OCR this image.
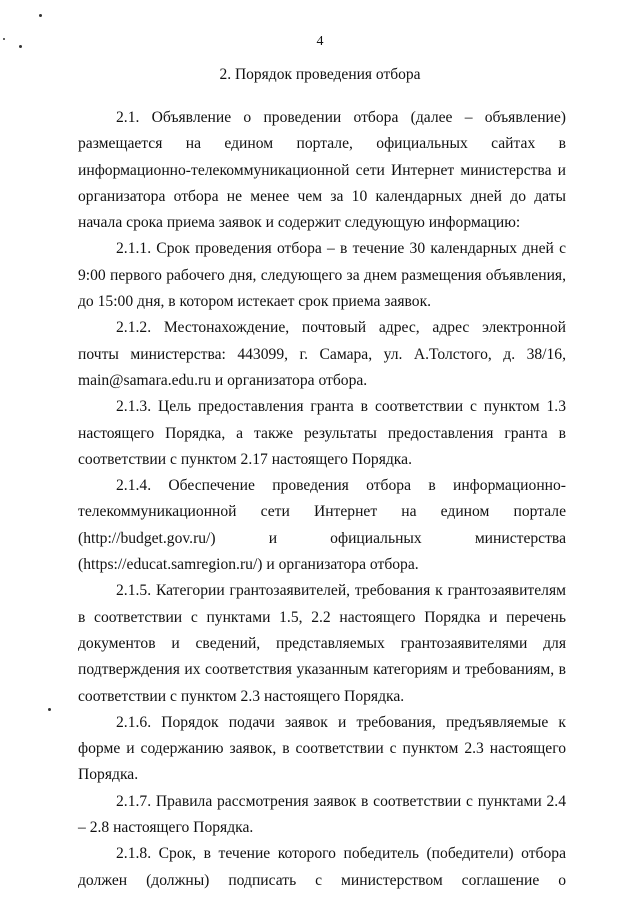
4
2. Порядок проведения отбора

2.1. Объявление о проведении отбора (далее – объявление) размещается на едином портале, официальных сайтах в информационно-телекоммуникационной сети Интернет министерства и организатора отбора не менее чем за 10 календарных дней до даты начала срока приема заявок и содержит следующую информацию:

2.1.1. Срок проведения отбора – в течение 30 календарных дней с 9:00 первого рабочего дня, следующего за днем размещения объявления, до 15:00 дня, в котором истекает срок приема заявок.

2.1.2. Местонахождение, почтовый адрес, адрес электронной почты министерства: 443099, г. Самара, ул. А.Толстого, д. 38/16, main@samara.edu.ru и организатора отбора.

2.1.3. Цель предоставления гранта в соответствии с пунктом 1.3 настоящего Порядка, а также результаты предоставления гранта в соответствии с пунктом 2.17 настоящего Порядка.

2.1.4. Обеспечение проведения отбора в информационно-телекоммуникационной сети Интернет на едином портале (http://budget.gov.ru/) и официальных министерства (https://educat.samregion.ru/) и организатора отбора.

2.1.5. Категории грантозаявителей, требования к грантозаявителям в соответствии с пунктами 1.5, 2.2 настоящего Порядка и перечень документов и сведений, представляемых грантозаявителями для подтверждения их соответствия указанным категориям и требованиям, в соответствии с пунктом 2.3 настоящего Порядка.

2.1.6. Порядок подачи заявок и требования, предъявляемые к форме и содержанию заявок, в соответствии с пунктом 2.3 настоящего Порядка.

2.1.7. Правила рассмотрения заявок в соответствии с пунктами 2.4 – 2.8 настоящего Порядка.

2.1.8. Срок, в течение которого победитель (победители) отбора должен (должны) подписать с министерством соглашение о
